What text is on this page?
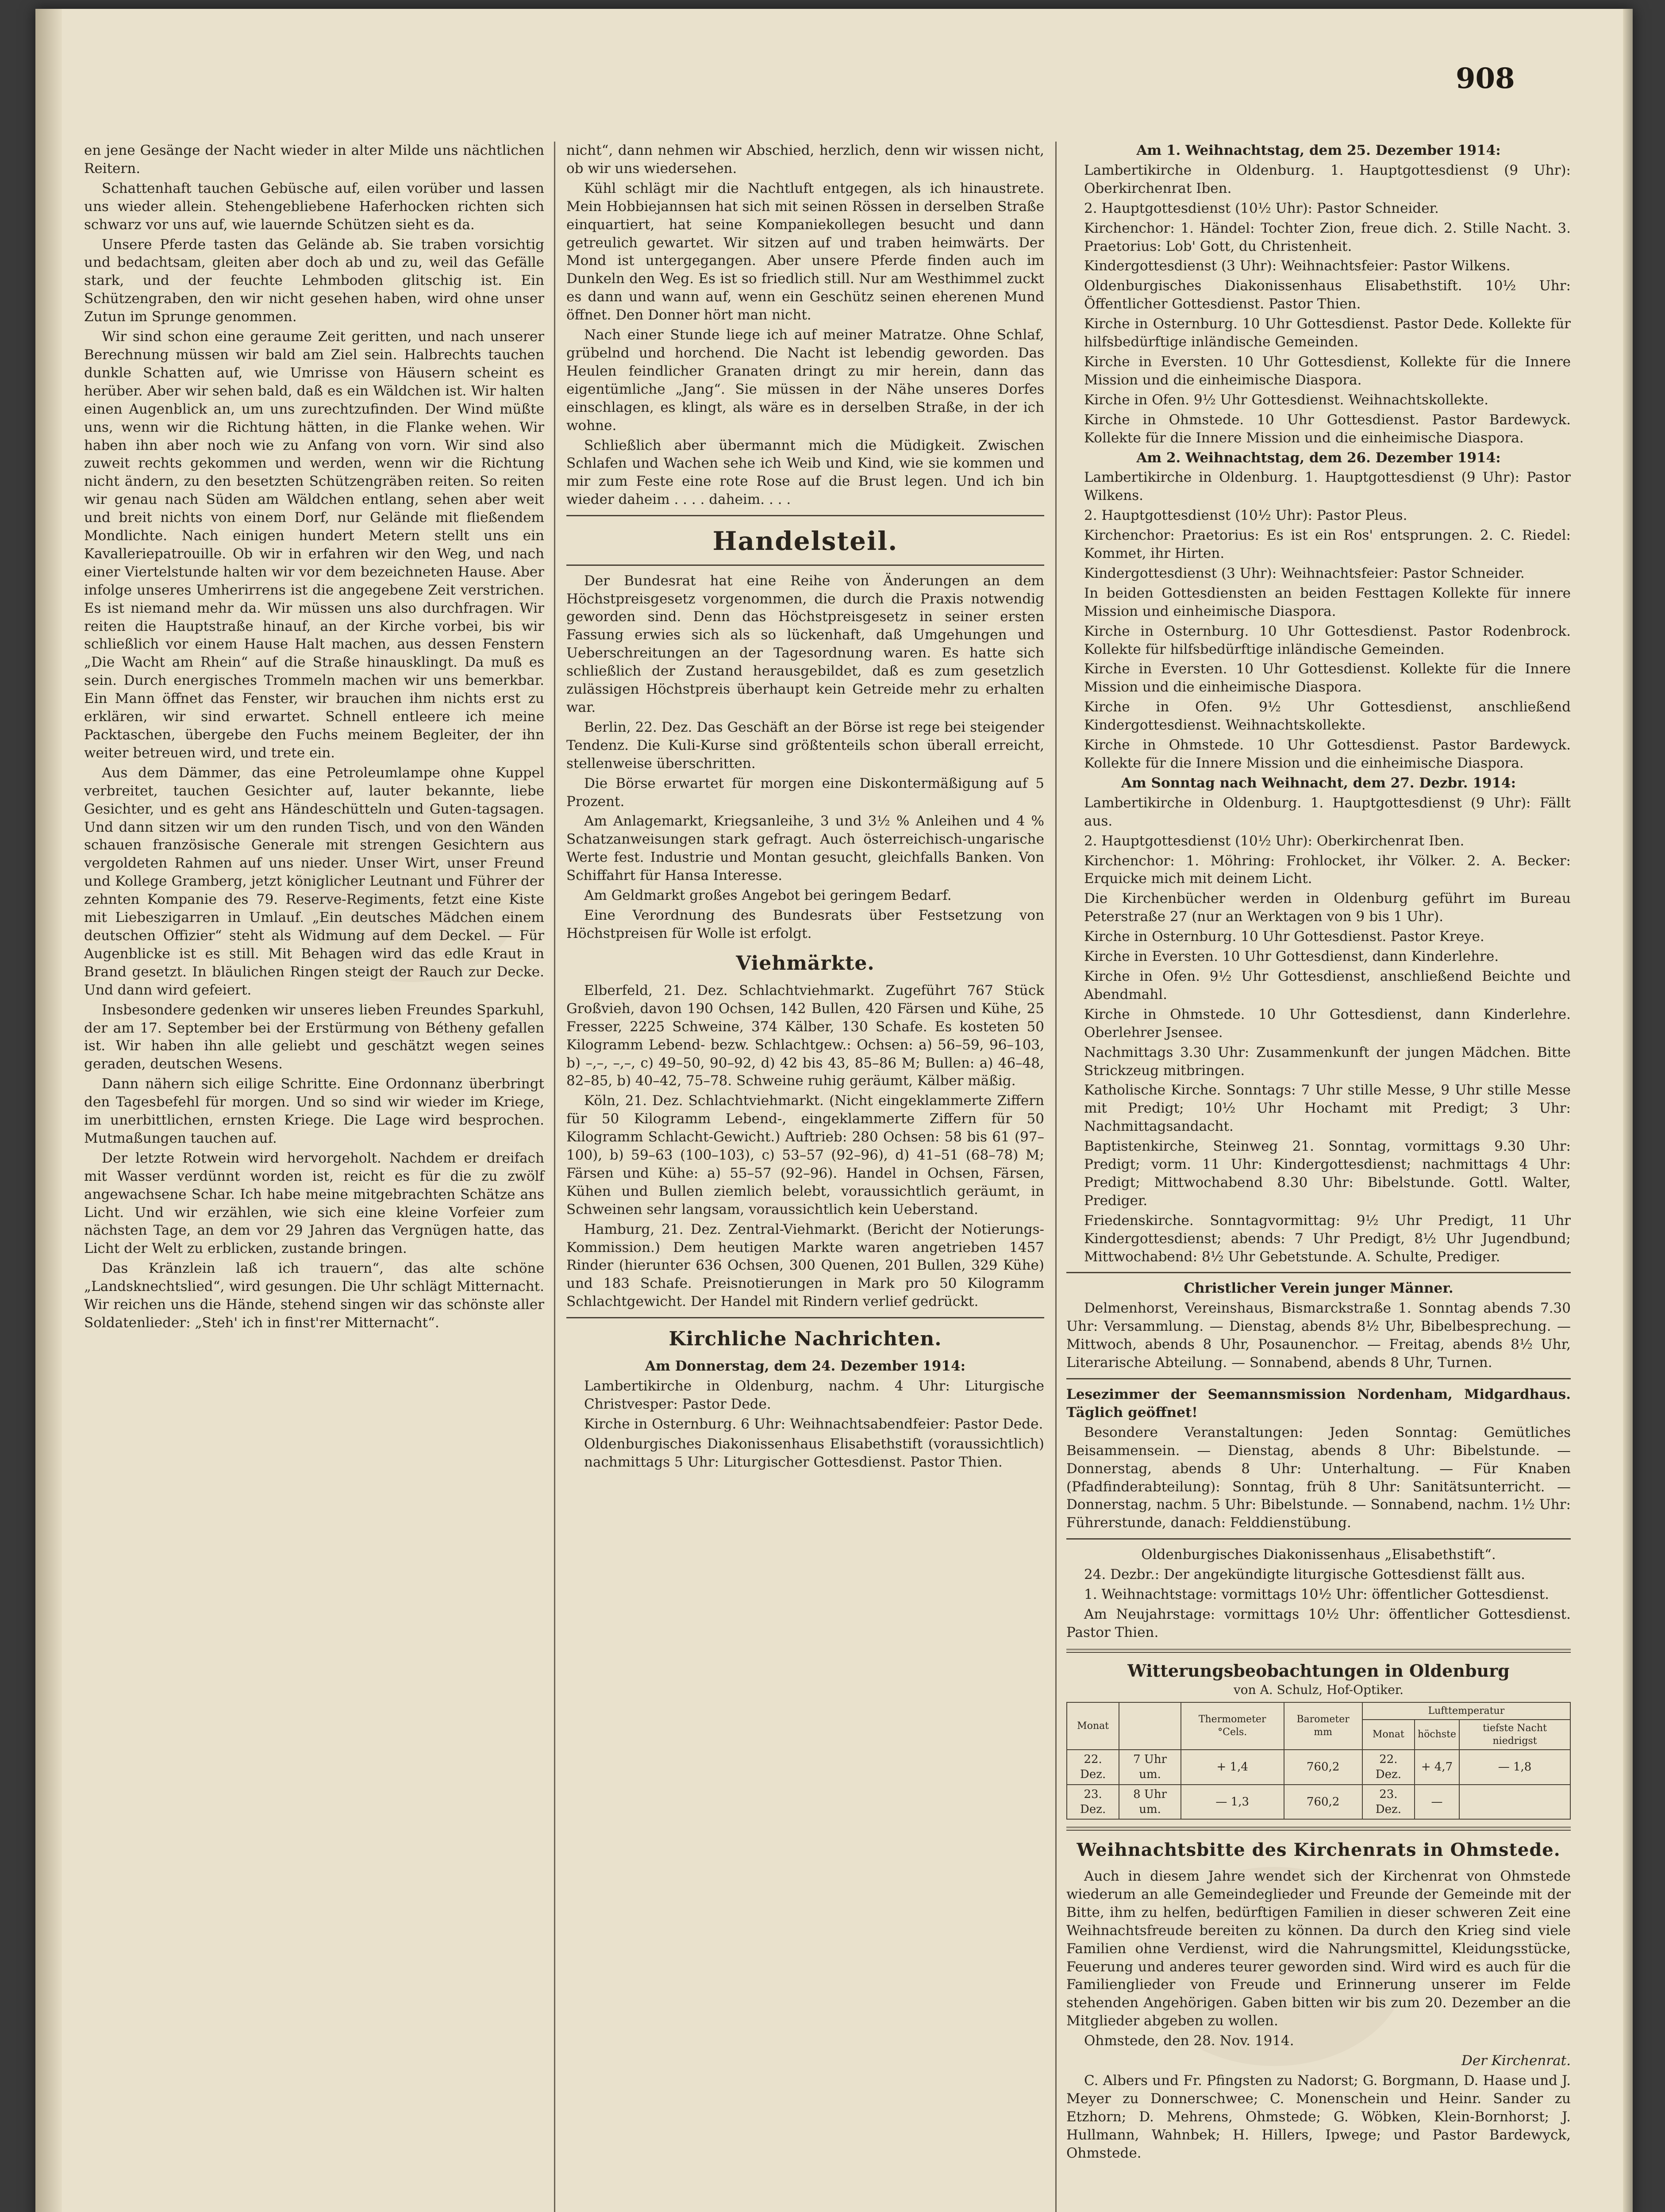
908

en jene Gesänge der Nacht wieder in alter Milde uns nächtlichen Reitern.

Schattenhaft tauchen Gebüsche auf, eilen vorüber und lassen uns wieder allein. Stehengebliebene Haferhocken richten sich schwarz vor uns auf, wie lauernde Schützen sieht es da.

Unsere Pferde tasten das Gelände ab. Sie traben vorsichtig und bedachtsam, gleiten aber doch ab und zu, weil das Gefälle stark, und der feuchte Lehmboden glitschig ist. Ein Schützengraben, den wir nicht gesehen haben, wird ohne unser Zutun im Sprunge genommen.

Wir sind schon eine geraume Zeit geritten, und nach unserer Berechnung müssen wir bald am Ziel sein. Halbrechts tauchen dunkle Schatten auf, wie Umrisse von Häusern scheint es herüber. Aber wir sehen bald, daß es ein Wäldchen ist. Wir halten einen Augenblick an, um uns zurechtzufinden. Der Wind müßte uns, wenn wir die Richtung hätten, in die Flanke wehen. Wir haben ihn aber noch wie zu Anfang von vorn. Wir sind also zuweit rechts gekommen und werden, wenn wir die Richtung nicht ändern, zu den besetzten Schützengräben reiten. So reiten wir genau nach Süden am Wäldchen entlang, sehen aber weit und breit nichts von einem Dorf, nur Gelände mit fließendem Mondlichte. Nach einigen hundert Metern stellt uns ein Kavalleriepatrouille. Ob wir in erfahren wir den Weg, und nach einer Viertelstunde halten wir vor dem bezeichneten Hause. Aber infolge unseres Umherirrens ist die angegebene Zeit verstrichen. Es ist niemand mehr da. Wir müssen uns also durchfragen. Wir reiten die Hauptstraße hinauf, an der Kirche vorbei, bis wir schließlich vor einem Hause Halt machen, aus dessen Fenstern „Die Wacht am Rhein“ auf die Straße hinausklingt. Da muß es sein. Durch energisches Trommeln machen wir uns bemerkbar. Ein Mann öffnet das Fenster, wir brauchen ihm nichts erst zu erklären, wir sind erwartet. Schnell entleere ich meine Packtaschen, übergebe den Fuchs meinem Begleiter, der ihn weiter betreuen wird, und trete ein.

Aus dem Dämmer, das eine Petroleumlampe ohne Kuppel verbreitet, tauchen Gesichter auf, lauter bekannte, liebe Gesichter, und es geht ans Händeschütteln und Guten-tagsagen. Und dann sitzen wir um den runden Tisch, und von den Wänden schauen französische Generale mit strengen Gesichtern aus vergoldeten Rahmen auf uns nieder. Unser Wirt, unser Freund und Kollege Gramberg, jetzt königlicher Leutnant und Führer der zehnten Kompanie des 79. Reserve-Regiments, fetzt eine Kiste mit Liebeszigarren in Umlauf. „Ein deutsches Mädchen einem deutschen Offizier“ steht als Widmung auf dem Deckel. — Für Augenblicke ist es still. Mit Behagen wird das edle Kraut in Brand gesetzt. In bläulichen Ringen steigt der Rauch zur Decke. Und dann wird gefeiert.

Insbesondere gedenken wir unseres lieben Freundes Sparkuhl, der am 17. September bei der Erstürmung von Bétheny gefallen ist. Wir haben ihn alle geliebt und geschätzt wegen seines geraden, deutschen Wesens.

Dann nähern sich eilige Schritte. Eine Ordonnanz überbringt den Tagesbefehl für morgen. Und so sind wir wieder im Kriege, im unerbittlichen, ernsten Kriege. Die Lage wird besprochen. Mutmaßungen tauchen auf.

Der letzte Rotwein wird hervorgeholt. Nachdem er dreifach mit Wasser verdünnt worden ist, reicht es für die zu zwölf angewachsene Schar. Ich habe meine mitgebrachten Schätze ans Licht. Und wir erzählen, wie sich eine kleine Vorfeier zum nächsten Tage, an dem vor 29 Jahren das Vergnügen hatte, das Licht der Welt zu erblicken, zustande bringen.

Das Kränzlein laß ich trauern“, das alte schöne „Landsknechtslied“, wird gesungen. Die Uhr schlägt Mitternacht. Wir reichen uns die Hände, stehend singen wir das schönste aller Soldatenlieder: „Steh' ich in finst'rer Mitternacht“.

nicht“, dann nehmen wir Abschied, herzlich, denn wir wissen nicht, ob wir uns wiedersehen.

Kühl schlägt mir die Nachtluft entgegen, als ich hinaustrete. Mein Hobbiejannsen hat sich mit seinen Rössen in derselben Straße einquartiert, hat seine Kompaniekollegen besucht und dann getreulich gewartet. Wir sitzen auf und traben heimwärts. Der Mond ist untergegangen. Aber unsere Pferde finden auch im Dunkeln den Weg. Es ist so friedlich still. Nur am Westhimmel zuckt es dann und wann auf, wenn ein Geschütz seinen eherenen Mund öffnet. Den Donner hört man nicht.

Nach einer Stunde liege ich auf meiner Matratze. Ohne Schlaf, grübelnd und horchend. Die Nacht ist lebendig geworden. Das Heulen feindlicher Granaten dringt zu mir herein, dann das eigentümliche „Jang“. Sie müssen in der Nähe unseres Dorfes einschlagen, es klingt, als wäre es in derselben Straße, in der ich wohne.

Schließlich aber übermannt mich die Müdigkeit. Zwischen Schlafen und Wachen sehe ich Weib und Kind, wie sie kommen und mir zum Feste eine rote Rose auf die Brust legen. Und ich bin wieder daheim . . . . daheim. . . .

Handelsteil.

Der Bundesrat hat eine Reihe von Änderungen an dem Höchstpreisgesetz vorgenommen, die durch die Praxis notwendig geworden sind. Denn das Höchstpreisgesetz in seiner ersten Fassung erwies sich als so lückenhaft, daß Umgehungen und Ueberschreitungen an der Tagesordnung waren. Es hatte sich schließlich der Zustand herausgebildet, daß es zum gesetzlich zulässigen Höchstpreis überhaupt kein Getreide mehr zu erhalten war.

Berlin, 22. Dez. Das Geschäft an der Börse ist rege bei steigender Tendenz. Die Kuli-Kurse sind größtenteils schon überall erreicht, stellenweise überschritten.

Die Börse erwartet für morgen eine Diskontermäßigung auf 5 Prozent.

Am Anlagemarkt, Kriegsanleihe, 3 und 3½ % Anleihen und 4 % Schatzanweisungen stark gefragt. Auch österreichisch-ungarische Werte fest. Industrie und Montan gesucht, gleichfalls Banken. Von Schiffahrt für Hansa Interesse.

Am Geldmarkt großes Angebot bei geringem Bedarf.

Eine Verordnung des Bundesrats über Festsetzung von Höchstpreisen für Wolle ist erfolgt.

Viehmärkte.

Elberfeld, 21. Dez. Schlachtviehmarkt. Zugeführt 767 Stück Großvieh, davon 190 Ochsen, 142 Bullen, 420 Färsen und Kühe, 25 Fresser, 2225 Schweine, 374 Kälber, 130 Schafe. Es kosteten 50 Kilogramm Lebend- bezw. Schlachtgew.: Ochsen: a) 56–59, 96–103, b) –,–, –,–, c) 49–50, 90–92, d) 42 bis 43, 85–86 M; Bullen: a) 46–48, 82–85, b) 40–42, 75–78. Schweine ruhig geräumt, Kälber mäßig.

Köln, 21. Dez. Schlachtviehmarkt. (Nicht eingeklammerte Ziffern für 50 Kilogramm Lebend-, eingeklammerte Ziffern für 50 Kilogramm Schlacht-Gewicht.) Auftrieb: 280 Ochsen: 58 bis 61 (97–100), b) 59–63 (100–103), c) 53–57 (92–96), d) 41–51 (68–78) M; Färsen und Kühe: a) 55–57 (92–96). Handel in Ochsen, Färsen, Kühen und Bullen ziemlich belebt, voraussichtlich geräumt, in Schweinen sehr langsam, voraussichtlich kein Ueberstand.

Hamburg, 21. Dez. Zentral-Viehmarkt. (Bericht der Notierungs-Kommission.) Dem heutigen Markte waren angetrieben 1457 Rinder (hierunter 636 Ochsen, 300 Quenen, 201 Bullen, 329 Kühe) und 183 Schafe. Preisnotierungen in Mark pro 50 Kilogramm Schlachtgewicht. Der Handel mit Rindern verlief gedrückt.

Kirchliche Nachrichten.

Am Donnerstag, dem 24. Dezember 1914:

Lambertikirche in Oldenburg, nachm. 4 Uhr: Liturgische Christvesper: Pastor Dede.

Kirche in Osternburg. 6 Uhr: Weihnachtsabendfeier: Pastor Dede.

Oldenburgisches Diakonissenhaus Elisabethstift (voraussichtlich) nachmittags 5 Uhr: Liturgischer Gottesdienst. Pastor Thien.

Am 1. Weihnachtstag, dem 25. Dezember 1914:

Lambertikirche in Oldenburg. 1. Hauptgottesdienst (9 Uhr): Oberkirchenrat Iben.

2. Hauptgottesdienst (10½ Uhr): Pastor Schneider.

Kirchenchor: 1. Händel: Tochter Zion, freue dich. 2. Stille Nacht. 3. Praetorius: Lob' Gott, du Christenheit.

Kindergottesdienst (3 Uhr): Weihnachtsfeier: Pastor Wilkens.

Oldenburgisches Diakonissenhaus Elisabethstift. 10½ Uhr: Öffentlicher Gottesdienst. Pastor Thien.

Kirche in Osternburg. 10 Uhr Gottesdienst. Pastor Dede. Kollekte für hilfsbedürftige inländische Gemeinden.

Kirche in Eversten. 10 Uhr Gottesdienst, Kollekte für die Innere Mission und die einheimische Diaspora.

Kirche in Ofen. 9½ Uhr Gottesdienst. Weihnachtskollekte.

Kirche in Ohmstede. 10 Uhr Gottesdienst. Pastor Bardewyck. Kollekte für die Innere Mission und die einheimische Diaspora.

Am 2. Weihnachtstag, dem 26. Dezember 1914:

Lambertikirche in Oldenburg. 1. Hauptgottesdienst (9 Uhr): Pastor Wilkens.

2. Hauptgottesdienst (10½ Uhr): Pastor Pleus.

Kirchenchor: Praetorius: Es ist ein Ros' entsprungen. 2. C. Riedel: Kommet, ihr Hirten.

Kindergottesdienst (3 Uhr): Weihnachtsfeier: Pastor Schneider.

In beiden Gottesdiensten an beiden Festtagen Kollekte für innere Mission und einheimische Diaspora.

Kirche in Osternburg. 10 Uhr Gottesdienst. Pastor Rodenbrock. Kollekte für hilfsbedürftige inländische Gemeinden.

Kirche in Eversten. 10 Uhr Gottesdienst. Kollekte für die Innere Mission und die einheimische Diaspora.

Kirche in Ofen. 9½ Uhr Gottesdienst, anschließend Kindergottesdienst. Weihnachtskollekte.

Kirche in Ohmstede. 10 Uhr Gottesdienst. Pastor Bardewyck. Kollekte für die Innere Mission und die einheimische Diaspora.

Am Sonntag nach Weihnacht, dem 27. Dezbr. 1914:

Lambertikirche in Oldenburg. 1. Hauptgottesdienst (9 Uhr): Fällt aus.

2. Hauptgottesdienst (10½ Uhr): Oberkirchenrat Iben.

Kirchenchor: 1. Möhring: Frohlocket, ihr Völker. 2. A. Becker: Erquicke mich mit deinem Licht.

Die Kirchenbücher werden in Oldenburg geführt im Bureau Peterstraße 27 (nur an Werktagen von 9 bis 1 Uhr).

Kirche in Osternburg. 10 Uhr Gottesdienst. Pastor Kreye.

Kirche in Eversten. 10 Uhr Gottesdienst, dann Kinderlehre.

Kirche in Ofen. 9½ Uhr Gottesdienst, anschließend Beichte und Abendmahl.

Kirche in Ohmstede. 10 Uhr Gottesdienst, dann Kinderlehre. Oberlehrer Jsensee.

Nachmittags 3.30 Uhr: Zusammenkunft der jungen Mädchen. Bitte Strickzeug mitbringen.

Katholische Kirche. Sonntags: 7 Uhr stille Messe, 9 Uhr stille Messe mit Predigt; 10½ Uhr Hochamt mit Predigt; 3 Uhr: Nachmittagsandacht.

Baptistenkirche, Steinweg 21. Sonntag, vormittags 9.30 Uhr: Predigt; vorm. 11 Uhr: Kindergottesdienst; nachmittags 4 Uhr: Predigt; Mittwochabend 8.30 Uhr: Bibelstunde. Gottl. Walter, Prediger.

Friedenskirche. Sonntagvormittag: 9½ Uhr Predigt, 11 Uhr Kindergottesdienst; abends: 7 Uhr Predigt, 8½ Uhr Jugendbund; Mittwochabend: 8½ Uhr Gebetstunde. A. Schulte, Prediger.

Christlicher Verein junger Männer.

Delmenhorst, Vereinshaus, Bismarckstraße 1. Sonntag abends 7.30 Uhr: Versammlung. — Dienstag, abends 8½ Uhr, Bibelbesprechung. — Mittwoch, abends 8 Uhr, Posaunenchor. — Freitag, abends 8½ Uhr, Literarische Abteilung. — Sonnabend, abends 8 Uhr, Turnen.

Lesezimmer der Seemannsmission Nordenham, Midgardhaus. Täglich geöffnet!

Besondere Veranstaltungen: Jeden Sonntag: Gemütliches Beisammensein. — Dienstag, abends 8 Uhr: Bibelstunde. — Donnerstag, abends 8 Uhr: Unterhaltung. — Für Knaben (Pfadfinderabteilung): Sonntag, früh 8 Uhr: Sanitätsunterricht. — Donnerstag, nachm. 5 Uhr: Bibelstunde. — Sonnabend, nachm. 1½ Uhr: Führerstunde, danach: Felddienstübung.

Oldenburgisches Diakonissenhaus „Elisabethstift“.

24. Dezbr.: Der angekündigte liturgische Gottesdienst fällt aus.

1. Weihnachtstage: vormittags 10½ Uhr: öffentlicher Gottesdienst.

Am Neujahrstage: vormittags 10½ Uhr: öffentlicher Gottesdienst. Pastor Thien.

Witterungsbeobachtungen in Oldenburg
von A. Schulz, Hof-Optiker.
Monat		Thermometer °Cels.	Barometer mm	Lufttemperatur		
				Monat	höchste	tiefste Nacht niedrigst
22. Dez.	7 Uhr um.	+ 1,4	760,2	22. Dez.	+ 4,7	— 1,8
23. Dez.	8 Uhr um.	— 1,3	760,2	23. Dez.	—	
Weihnachtsbitte des Kirchenrats in Ohmstede.

Auch in diesem Jahre wendet sich der Kirchenrat von Ohmstede wiederum an alle Gemeindeglieder und Freunde der Gemeinde mit der Bitte, ihm zu helfen, bedürftigen Familien in dieser schweren Zeit eine Weihnachtsfreude bereiten zu können. Da durch den Krieg sind viele Familien ohne Verdienst, wird die Nahrungsmittel, Kleidungsstücke, Feuerung und anderes teurer geworden sind. Wird wird es auch für die Familienglieder von Freude und Erinnerung unserer im Felde stehenden Angehörigen. Gaben bitten wir bis zum 20. Dezember an die Mitglieder abgeben zu wollen.

Ohmstede, den 28. Nov. 1914.

Der Kirchenrat.

C. Albers und Fr. Pfingsten zu Nadorst; G. Borgmann, D. Haase und J. Meyer zu Donnerschwee; C. Monenschein und Heinr. Sander zu Etzhorn; D. Mehrens, Ohmstede; G. Wöbken, Klein-Bornhorst; J. Hullmann, Wahnbek; H. Hillers, Ipwege; und Pastor Bardewyck, Ohmstede.
